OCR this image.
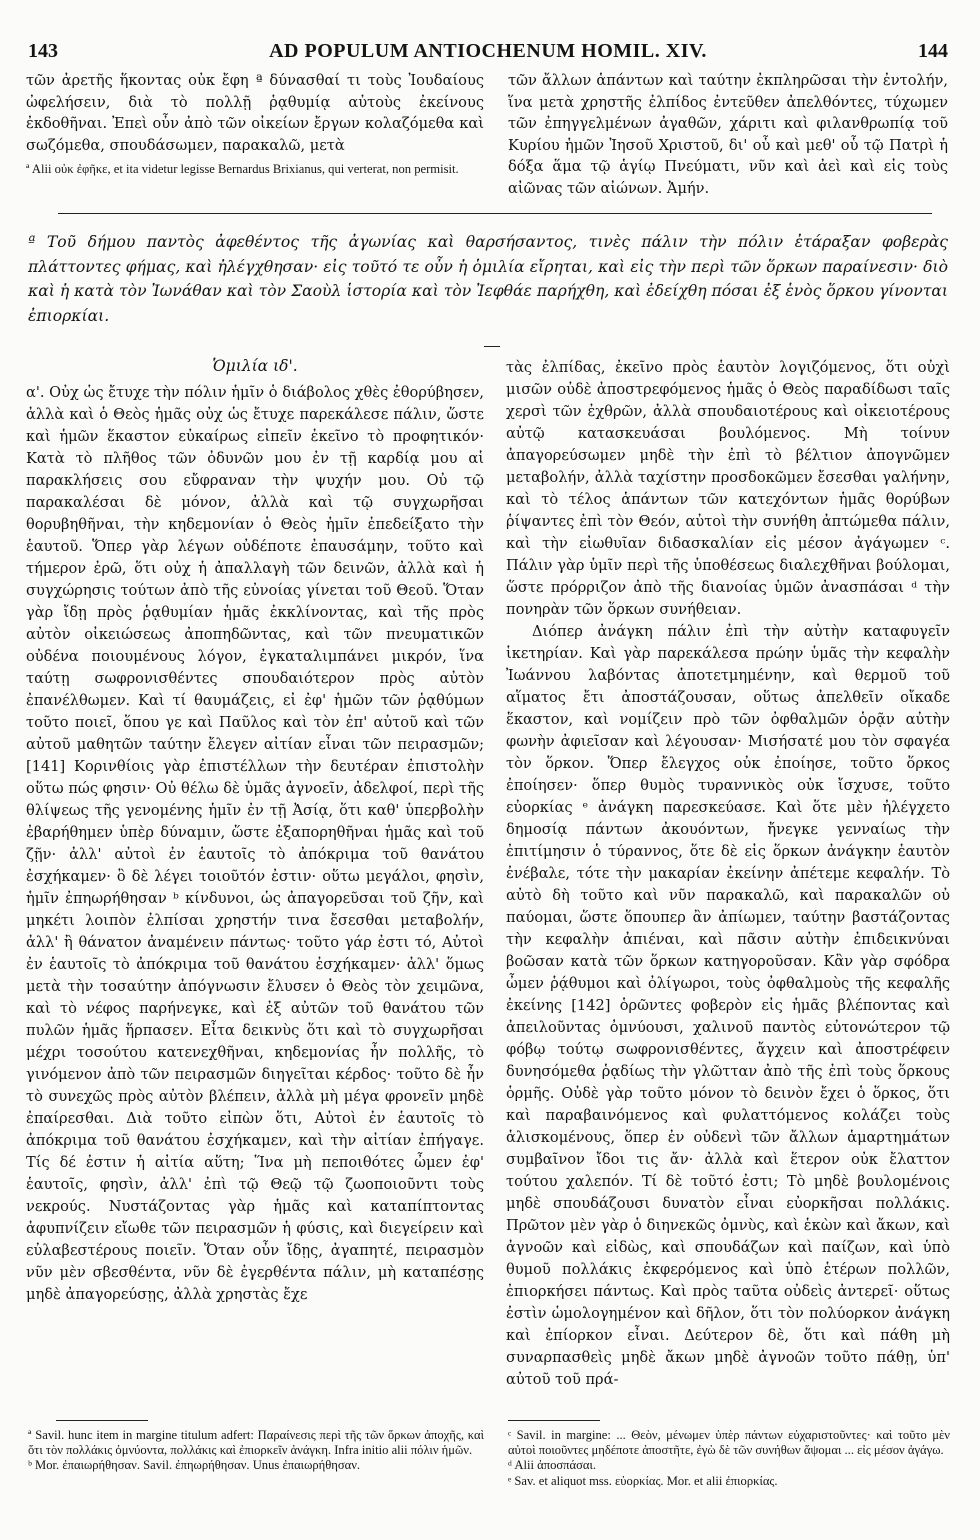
143	AD POPULUM ANTIOCHENUM HOMIL. XIV.	144

τῶν ἀρετῆς ἥκοντας οὐκ ἔφη ª δύνασθαί τι τοὺς Ἰουδαίους ὠφελήσειν, διὰ τὸ πολλῇ ῥᾳθυμίᾳ αὐτοὺς ἐκείνους ἐκδοθῆναι. Ἐπεὶ οὖν ἀπὸ τῶν οἰκείων ἔργων κολαζόμεθα καὶ σωζόμεθα, σπουδάσωμεν, παρακαλῶ, μετὰ

ª Alii οὐκ ἐφῆκε, et ita videtur legisse Bernardus Brixianus, qui verterat, non permisit.

τῶν ἄλλων ἁπάντων καὶ ταύτην ἐκπληρῶσαι τὴν ἐντολήν, ἵνα μετὰ χρηστῆς ἐλπίδος ἐντεῦθεν ἀπελθόντες, τύχωμεν τῶν ἐπηγγελμένων ἀγαθῶν, χάριτι καὶ φιλανθρωπίᾳ τοῦ Κυρίου ἡμῶν Ἰησοῦ Χριστοῦ, δι' οὗ καὶ μεθ' οὗ τῷ Πατρὶ ἡ δόξα ἅμα τῷ ἁγίῳ Πνεύματι, νῦν καὶ ἀεὶ καὶ εἰς τοὺς αἰῶνας τῶν αἰώνων. Ἀμήν.

ª Τοῦ δήμου παντὸς ἀφεθέντος τῆς ἀγωνίας καὶ θαρσήσαντος, τινὲς πάλιν τὴν πόλιν ἐτάραξαν φοβερὰς πλάττοντες φήμας, καὶ ἠλέγχθησαν· εἰς τοῦτό τε οὖν ἡ ὁμιλία εἴρηται, καὶ εἰς τὴν περὶ τῶν ὅρκων παραίνεσιν· διὸ καὶ ἡ κατὰ τὸν Ἰωνάθαν καὶ τὸν Σαοὺλ ἱστορία καὶ τὸν Ἰεφθάε παρήχθη, καὶ ἐδείχθη πόσαι ἐξ ἑνὸς ὅρκου γίνονται ἐπιορκίαι.
Ὁμιλία ιδ'.

α'. Οὐχ ὡς ἔτυχε τὴν πόλιν ἡμῖν ὁ διάβολος χθὲς ἐθορύβησεν, ἀλλὰ καὶ ὁ Θεὸς ἡμᾶς οὐχ ὡς ἔτυχε παρεκάλεσε πάλιν, ὥστε καὶ ἡμῶν ἕκαστον εὐκαίρως εἰπεῖν ἐκεῖνο τὸ προφητικόν· Κατὰ τὸ πλῆθος τῶν ὀδυνῶν μου ἐν τῇ καρδίᾳ μου αἱ παρακλήσεις σου εὔφραναν τὴν ψυχήν μου. Οὐ τῷ παρακαλέσαι δὲ μόνον, ἀλλὰ καὶ τῷ συγχωρῆσαι θορυβηθῆναι, τὴν κηδεμονίαν ὁ Θεὸς ἡμῖν ἐπεδείξατο τὴν ἑαυτοῦ. Ὅπερ γὰρ λέγων οὐδέποτε ἐπαυσάμην, τοῦτο καὶ τήμερον ἐρῶ, ὅτι οὐχ ἡ ἀπαλλαγὴ τῶν δεινῶν, ἀλλὰ καὶ ἡ συγχώρησις τούτων ἀπὸ τῆς εὐνοίας γίνεται τοῦ Θεοῦ. Ὅταν γὰρ ἴδῃ πρὸς ῥᾳθυμίαν ἡμᾶς ἐκκλίνοντας, καὶ τῆς πρὸς αὐτὸν οἰκειώσεως ἀποπηδῶντας, καὶ τῶν πνευματικῶν οὐδένα ποιουμένους λόγον, ἐγκαταλιμπάνει μικρόν, ἵνα ταύτῃ σωφρονισθέντες σπουδαιότερον πρὸς αὐτὸν ἐπανέλθωμεν. Καὶ τί θαυμάζεις, εἰ ἐφ' ἡμῶν τῶν ῥᾳθύμων τοῦτο ποιεῖ, ὅπου γε καὶ Παῦλος καὶ τὸν ἐπ' αὐτοῦ καὶ τῶν αὐτοῦ μαθητῶν ταύτην ἔλεγεν αἰτίαν εἶναι τῶν πειρασμῶν; [141] Κορινθίοις γὰρ ἐπιστέλλων τὴν δευτέραν ἐπιστολὴν οὕτω πώς φησιν· Οὐ θέλω δὲ ὑμᾶς ἀγνοεῖν, ἀδελφοί, περὶ τῆς θλίψεως τῆς γενομένης ἡμῖν ἐν τῇ Ἀσίᾳ, ὅτι καθ' ὑπερβολὴν ἐβαρήθημεν ὑπὲρ δύναμιν, ὥστε ἐξαπορηθῆναι ἡμᾶς καὶ τοῦ ζῇν· ἀλλ' αὐτοὶ ἐν ἑαυτοῖς τὸ ἀπόκριμα τοῦ θανάτου ἐσχήκαμεν· ὃ δὲ λέγει τοιοῦτόν ἐστιν· οὕτω μεγάλοι, φησὶν, ἡμῖν ἐπηωρήθησαν ᵇ κίνδυνοι, ὡς ἀπαγορεῦσαι τοῦ ζῆν, καὶ μηκέτι λοιπὸν ἐλπίσαι χρηστήν τινα ἔσεσθαι μεταβολήν, ἀλλ' ἢ θάνατον ἀναμένειν πάντως· τοῦτο γάρ ἐστι τό, Αὐτοὶ ἐν ἑαυτοῖς τὸ ἀπόκριμα τοῦ θανάτου ἐσχήκαμεν· ἀλλ' ὅμως μετὰ τὴν τοσαύτην ἀπόγνωσιν ἔλυσεν ὁ Θεὸς τὸν χειμῶνα, καὶ τὸ νέφος παρήνεγκε, καὶ ἐξ αὐτῶν τοῦ θανάτου τῶν πυλῶν ἡμᾶς ἥρπασεν. Εἶτα δεικνὺς ὅτι καὶ τὸ συγχωρῆσαι μέχρι τοσούτου κατενεχθῆναι, κηδεμονίας ἦν πολλῆς, τὸ γινόμενον ἀπὸ τῶν πειρασμῶν διηγεῖται κέρδος· τοῦτο δὲ ἦν τὸ συνεχῶς πρὸς αὐτὸν βλέπειν, ἀλλὰ μὴ μέγα φρονεῖν μηδὲ ἐπαίρεσθαι. Διὰ τοῦτο εἰπὼν ὅτι, Αὐτοὶ ἐν ἑαυτοῖς τὸ ἀπόκριμα τοῦ θανάτου ἐσχήκαμεν, καὶ τὴν αἰτίαν ἐπήγαγε. Τίς δέ ἐστιν ἡ αἰτία αὕτη; Ἵνα μὴ πεποιθότες ὦμεν ἐφ' ἑαυτοῖς, φησὶν, ἀλλ' ἐπὶ τῷ Θεῷ τῷ ζωοποιοῦντι τοὺς νεκρούς. Νυστάζοντας γὰρ ἡμᾶς καὶ καταπίπτοντας ἀφυπνίζειν εἴωθε τῶν πειρασμῶν ἡ φύσις, καὶ διεγείρειν καὶ εὐλαβεστέρους ποιεῖν. Ὅταν οὖν ἴδῃς, ἀγαπητέ, πειρασμὸν νῦν μὲν σβεσθέντα, νῦν δὲ ἐγερθέντα πάλιν, μὴ καταπέσῃς μηδὲ ἀπαγορεύσῃς, ἀλλὰ χρηστὰς ἔχε

τὰς ἐλπίδας, ἐκεῖνο πρὸς ἑαυτὸν λογιζόμενος, ὅτι οὐχὶ μισῶν οὐδὲ ἀποστρεφόμενος ἡμᾶς ὁ Θεὸς παραδίδωσι ταῖς χερσὶ τῶν ἐχθρῶν, ἀλλὰ σπουδαιοτέρους καὶ οἰκειοτέρους αὐτῷ κατασκευάσαι βουλόμενος. Μὴ τοίνυν ἀπαγορεύσωμεν μηδὲ τὴν ἐπὶ τὸ βέλτιον ἀπογνῶμεν μεταβολήν, ἀλλὰ ταχίστην προσδοκῶμεν ἔσεσθαι γαλήνην, καὶ τὸ τέλος ἁπάντων τῶν κατεχόντων ἡμᾶς θορύβων ῥίψαντες ἐπὶ τὸν Θεόν, αὐτοὶ τὴν συνήθη ἀπτώμεθα πάλιν, καὶ τὴν εἰωθυῖαν διδασκαλίαν εἰς μέσον ἀγάγωμεν ᶜ. Πάλιν γὰρ ὑμῖν περὶ τῆς ὑποθέσεως διαλεχθῆναι βούλομαι, ὥστε πρόρριζον ἀπὸ τῆς διανοίας ὑμῶν ἀνασπάσαι ᵈ τὴν πονηρὰν τῶν ὅρκων συνήθειαν.

Διόπερ ἀνάγκη πάλιν ἐπὶ τὴν αὐτὴν καταφυγεῖν ἱκετηρίαν. Καὶ γὰρ παρεκάλεσα πρώην ὑμᾶς τὴν κεφαλὴν Ἰωάννου λαβόντας ἀποτετμημένην, καὶ θερμοῦ τοῦ αἵματος ἔτι ἀποστάζουσαν, οὕτως ἀπελθεῖν οἴκαδε ἕκαστον, καὶ νομίζειν πρὸ τῶν ὀφθαλμῶν ὁρᾷν αὐτὴν φωνὴν ἀφιεῖσαν καὶ λέγουσαν· Μισήσατέ μου τὸν σφαγέα τὸν ὅρκον. Ὅπερ ἔλεγχος οὐκ ἐποίησε, τοῦτο ὅρκος ἐποίησεν· ὅπερ θυμὸς τυραννικὸς οὐκ ἴσχυσε, τοῦτο εὐορκίας ᵉ ἀνάγκη παρεσκεύασε. Καὶ ὅτε μὲν ἠλέγχετο δημοσίᾳ πάντων ἀκουόντων, ἤνεγκε γενναίως τὴν ἐπιτίμησιν ὁ τύραννος, ὅτε δὲ εἰς ὅρκων ἀνάγκην ἑαυτὸν ἐνέβαλε, τότε τὴν μακαρίαν ἐκείνην ἀπέτεμε κεφαλήν. Τὸ αὐτὸ δὴ τοῦτο καὶ νῦν παρακαλῶ, καὶ παρακαλῶν οὐ παύομαι, ὥστε ὅπουπερ ἂν ἀπίωμεν, ταύτην βαστάζοντας τὴν κεφαλὴν ἀπιέναι, καὶ πᾶσιν αὐτὴν ἐπιδεικνύναι βοῶσαν κατὰ τῶν ὅρκων κατηγοροῦσαν. Κἂν γὰρ σφόδρα ὦμεν ῥᾴθυμοι καὶ ὀλίγωροι, τοὺς ὀφθαλμοὺς τῆς κεφαλῆς ἐκείνης [142] ὁρῶντες φοβερὸν εἰς ἡμᾶς βλέποντας καὶ ἀπειλοῦντας ὀμνύουσι, χαλινοῦ παντὸς εὐτονώτερον τῷ φόβῳ τούτῳ σωφρονισθέντες, ἄγχειν καὶ ἀποστρέφειν δυνησόμεθα ῥᾳδίως τὴν γλῶτταν ἀπὸ τῆς ἐπὶ τοὺς ὅρκους ὁρμῆς. Οὐδὲ γὰρ τοῦτο μόνον τὸ δεινὸν ἔχει ὁ ὅρκος, ὅτι καὶ παραβαινόμενος καὶ φυλαττόμενος κολάζει τοὺς ἁλισκομένους, ὅπερ ἐν οὐδενὶ τῶν ἄλλων ἁμαρτημάτων συμβαῖνον ἴδοι τις ἄν· ἀλλὰ καὶ ἕτερον οὐκ ἔλαττον τούτου χαλεπόν. Τί δὲ τοῦτό ἐστι; Τὸ μηδὲ βουλομένοις μηδὲ σπουδάζουσι δυνατὸν εἶναι εὐορκῆσαι πολλάκις. Πρῶτον μὲν γὰρ ὁ διηνεκῶς ὀμνὺς, καὶ ἑκὼν καὶ ἄκων, καὶ ἀγνοῶν καὶ εἰδὼς, καὶ σπουδάζων καὶ παίζων, καὶ ὑπὸ θυμοῦ πολλάκις ἐκφερόμενος καὶ ὑπὸ ἑτέρων πολλῶν, ἐπιορκήσει πάντως. Καὶ πρὸς ταῦτα οὐδεὶς ἀντερεῖ· οὕτως ἐστὶν ὡμολογημένον καὶ δῆλον, ὅτι τὸν πολύορκον ἀνάγκη καὶ ἐπίορκον εἶναι. Δεύτερον δὲ, ὅτι καὶ πάθη μὴ συναρπασθεὶς μηδὲ ἄκων μηδὲ ἀγνοῶν τοῦτο πάθῃ, ὑπ' αὐτοῦ τοῦ πρά-

ª Savil. hunc item in margine titulum adfert: Παραίνεσις περὶ τῆς τῶν ὅρκων ἀποχῆς, καὶ ὅτι τὸν πολλάκις ὀμνύοντα, πολλάκις καὶ ἐπιορκεῖν ἀνάγκη. Infra initio alii πόλιν ἡμῶν.

ᵇ Mor. ἐπαιωρήθησαν. Savil. ἐπηωρήθησαν. Unus ἐπαιωρήθησαν.

ᶜ Savil. in margine: ... Θεὸν, μένωμεν ὑπὲρ πάντων εὐχαριστοῦντες· καὶ τοῦτο μὲν αὐτοὶ ποιοῦντες μηδέποτε ἀποστῆτε, ἐγὼ δὲ τῶν συνήθων ἅψομαι ... εἰς μέσον ἀγάγω.

ᵈ Alii ἀποσπάσαι.

ᵉ Sav. et aliquot mss. εὐορκίας. Mor. et alii ἐπιορκίας.
